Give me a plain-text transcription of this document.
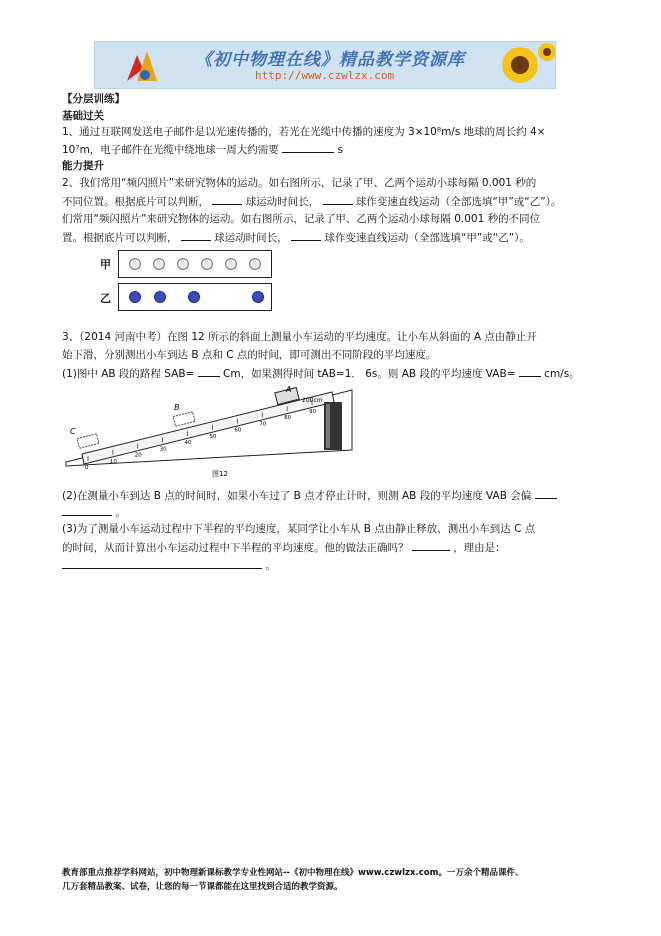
《初中物理在线》精品教学资源库
http://www.czwlzx.com
【分层训练】
基础过关
1、通过互联网发送电子邮件是以光速传播的，若光在光缆中传播的速度为 3×10⁸m/s 地球的周长约 4×
10⁷m，电子邮件在光缆中绕地球一周大约需要	s
能力提升
2、我们常用“频闪照片”来研究物体的运动。如右图所示，记录了甲、乙两个运动小球每隔 0.001 秒的
不同位置。根据底片可以判断，	球运动时间长，	球作变速直线运动（全部选填“甲”或“乙”）。
们常用“频闪照片”来研究物体的运动。如右图所示，记录了甲、乙两个运动小球每隔 0.001 秒的不同位
置。根据底片可以判断，	球运动时间长，	球作变速直线运动（全部选填“甲”或“乙”）。
甲
乙
3、（2014 河南中考）在图 12 所示的斜面上测量小车运动的平均速度。让小车从斜面的 A 点由静止开
始下滑，分别测出小车到达 B 点和 C 点的时间，即可测出不同阶段的平均速度。
(1)图中 AB 段的路程 SAB=	Cm，如果测得时间 tAB=1． 6s。则 AB 段的平均速度 VAB=	cm/s。
0
10
20
30
40
50
60
70
80
90
C
B
A
100cm
图12
(2)在测量小车到达 B 点的时间时，如果小车过了 B 点才停止计时，则测 AB 段的平均速度 VAB 会偏
。
(3)为了测量小车运动过程中下半程的平均速度，某同学让小车从 B 点由静止释放，测出小车到达 C 点
的时间，从而计算出小车运动过程中下半程的平均速度。他的做法正确吗？	，理由是：
。
教育部重点推荐学科网站，初中物理新课标教学专业性网站--《初中物理在线》www.czwlzx.com。一万余个精品课件、
几万套精品教案、试卷，让您的每一节课都能在这里找到合适的教学资源。
